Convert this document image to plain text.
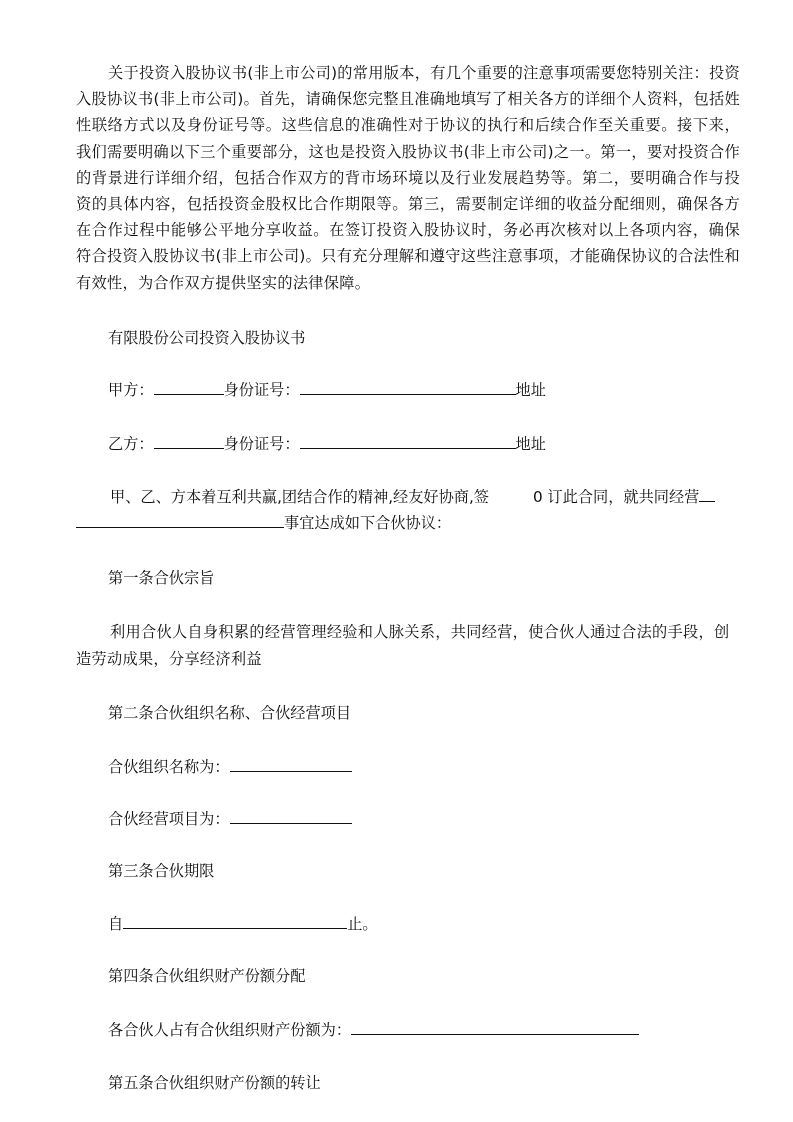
关于投资入股协议书(非上市公司)的常用版本，有几个重要的注意事项需要您特别关注：投资入股协议书(非上市公司)。首先，请确保您完整且准确地填写了相关各方的详细个人资料，包括姓性联络方式以及身份证号等。这些信息的准确性对于协议的执行和后续合作至关重要。接下来，我们需要明确以下三个重要部分，这也是投资入股协议书(非上市公司)之一。第一，要对投资合作的背景进行详细介绍，包括合作双方的背市场环境以及行业发展趋势等。第二，要明确合作与投资的具体内容，包括投资金股权比合作期限等。第三，需要制定详细的收益分配细则，确保各方在合作过程中能够公平地分享收益。在签订投资入股协议时，务必再次核对以上各项内容，确保符合投资入股协议书(非上市公司)。只有充分理解和遵守这些注意事项，才能确保协议的合法性和有效性，为合作双方提供坚实的法律保障。

有限股份公司投资入股协议书

甲方：	身份证号：	地址

乙方：	身份证号：	地址

甲、乙、方本着互利共赢,团结合作的精神,经友好协商,签	0 订此合同，就共同经营

事宜达成如下合伙协议：

第一条合伙宗旨

利用合伙人自身积累的经营管理经验和人脉关系，共同经营，使合伙人通过合法的手段，创造劳动成果，分享经济利益

第二条合伙组织名称、合伙经营项目

合伙组织名称为：

合伙经营项目为：

第三条合伙期限

自	止。

第四条合伙组织财产份额分配

各合伙人占有合伙组织财产份额为：

第五条合伙组织财产份额的转让
